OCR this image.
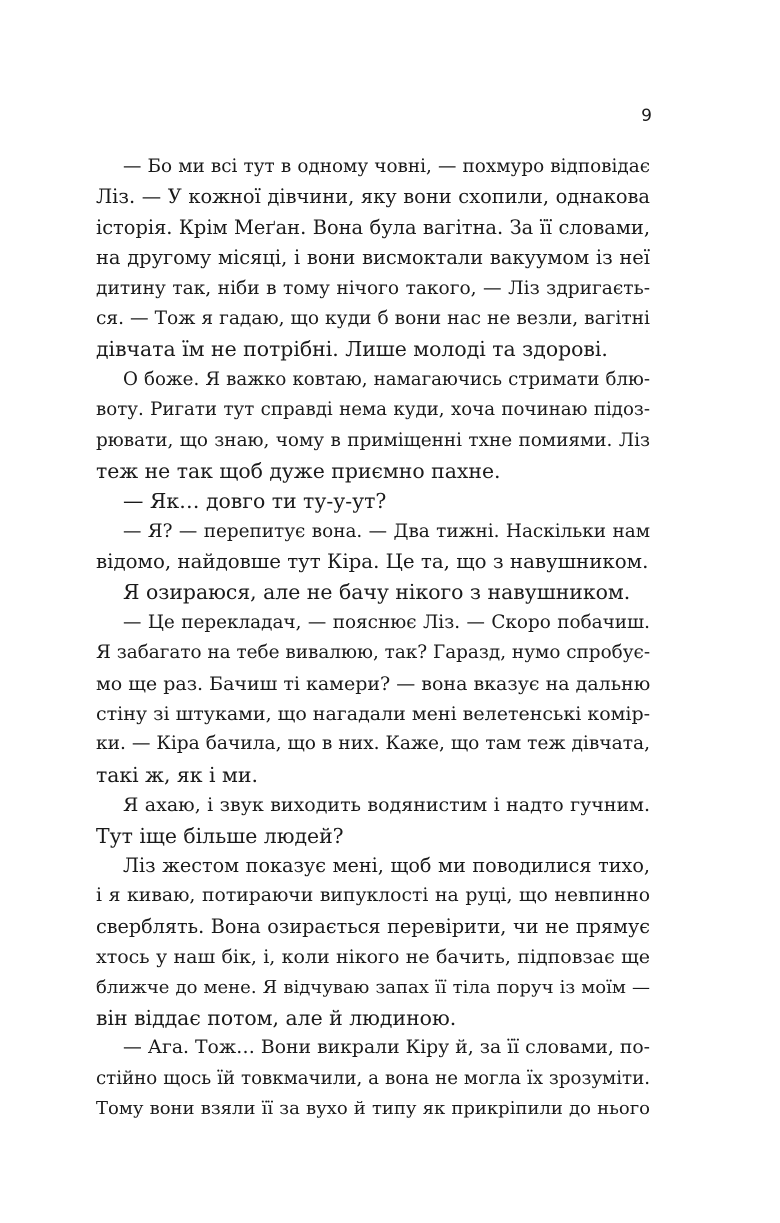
9
— Бо ми всі тут в одному човні, — похмуро відповідає
Ліз. — У кожної дівчини, яку вони схопили, однакова
історія. Крім Меґан. Вона була вагітна. За її словами,
на другому місяці, і вони висмоктали вакуумом із неї
дитину так, ніби в тому нічого такого, — Ліз здригаєть-
ся. — Тож я гадаю, що куди б вони нас не везли, вагітні
дівчата їм не потрібні. Лише молоді та здорові.
О боже. Я важко ковтаю, намагаючись стримати блю-
воту. Ригати тут справді нема куди, хоча починаю підоз-
рювати, що знаю, чому в приміщенні тхне помиями. Ліз
теж не так щоб дуже приємно пахне.
— Як… довго ти ту-у-ут?
— Я? — перепитує вона. — Два тижні. Наскільки нам
відомо, найдовше тут Кіра. Це та, що з навушником.
Я озираюся, але не бачу нікого з навушником.
— Це перекладач, — пояснює Ліз. — Скоро побачиш.
Я забагато на тебе вивалюю, так? Гаразд, нумо спробує-
мо ще раз. Бачиш ті камери? — вона вказує на дальню
стіну зі штуками, що нагадали мені велетенські комір-
ки. — Кіра бачила, що в них. Каже, що там теж дівчата,
такі ж, як і ми.
Я ахаю, і звук виходить водянистим і надто гучним.
Тут іще більше людей?
Ліз жестом показує мені, щоб ми поводилися тихо,
і я киваю, потираючи випуклості на руці, що невпинно
сверблять. Вона озирається перевірити, чи не прямує
хтось у наш бік, і, коли нікого не бачить, підповзає ще
ближче до мене. Я відчуваю запах її тіла поруч із моїм —
він віддає потом, але й людиною.
— Ага. Тож… Вони викрали Кіру й, за її словами, по-
стійно щось їй товкмачили, а вона не могла їх зрозуміти.
Тому вони взяли її за вухо й типу як прикріпили до нього
